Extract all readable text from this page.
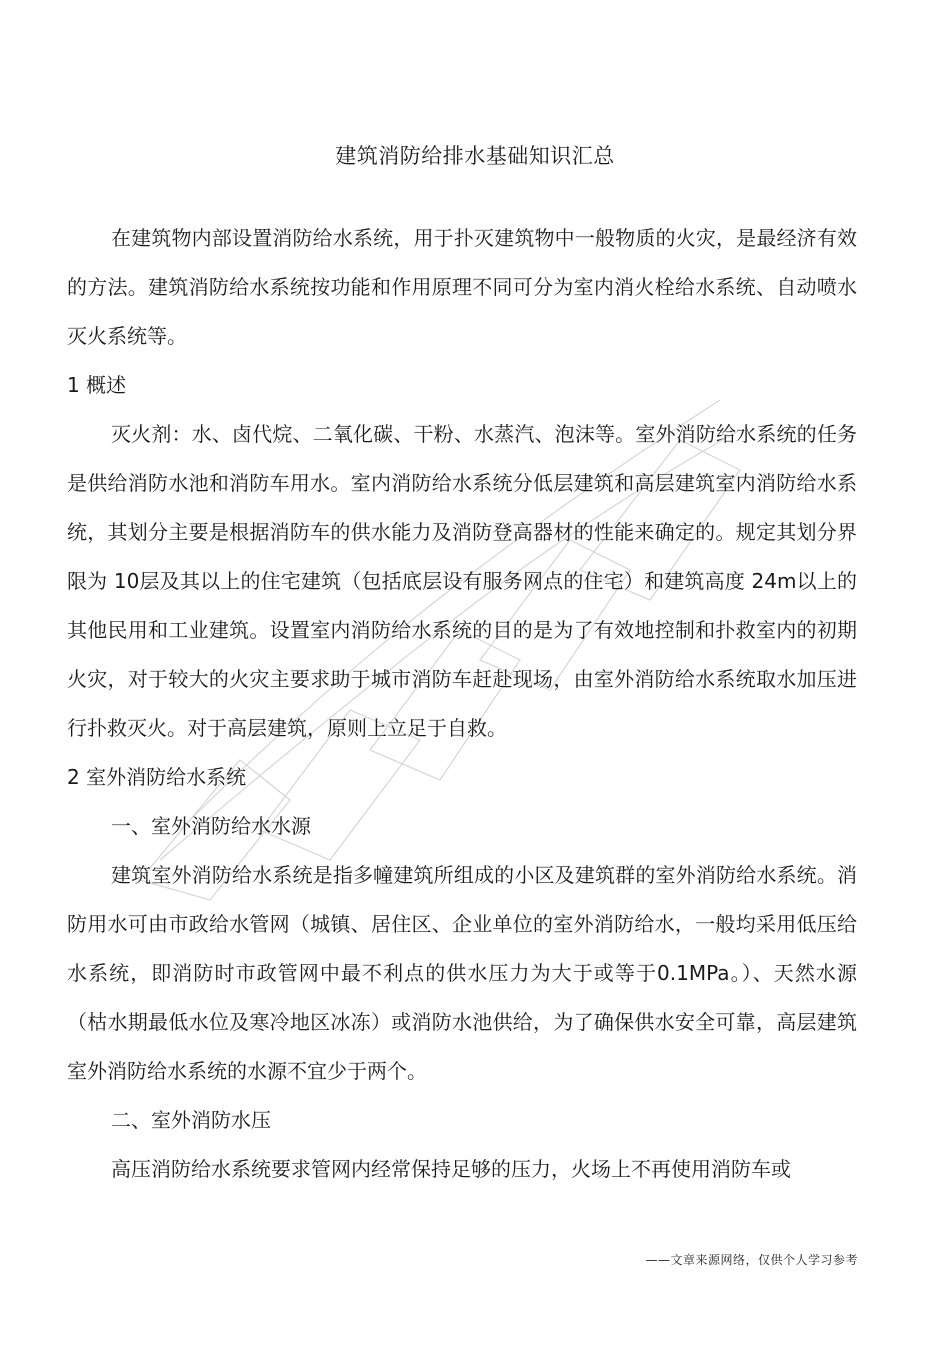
建筑消防给排水基础知识汇总

在建筑物内部设置消防给水系统，用于扑灭建筑物中一般物质的火灾，是最经济有效的方法。建筑消防给水系统按功能和作用原理不同可分为室内消火栓给水系统、自动喷水灭火系统等。

1 概述

灭火剂：水、卤代烷、二氧化碳、干粉、水蒸汽、泡沫等。室外消防给水系统的任务是供给消防水池和消防车用水。室内消防给水系统分低层建筑和高层建筑室内消防给水系统，其划分主要是根据消防车的供水能力及消防登高器材的性能来确定的。规定其划分界限为 10层及其以上的住宅建筑（包括底层设有服务网点的住宅）和建筑高度 24m以上的其他民用和工业建筑。设置室内消防给水系统的目的是为了有效地控制和扑救室内的初期火灾，对于较大的火灾主要求助于城市消防车赶赴现场，由室外消防给水系统取水加压进行扑救灭火。对于高层建筑，原则上立足于自救。

2 室外消防给水系统

一、室外消防给水水源

建筑室外消防给水系统是指多幢建筑所组成的小区及建筑群的室外消防给水系统。消防用水可由市政给水管网（城镇、居住区、企业单位的室外消防给水，一般均采用低压给水系统，即消防时市政管网中最不利点的供水压力为大于或等于0.1MPa。）、天然水源（枯水期最低水位及寒冷地区冰冻）或消防水池供给，为了确保供水安全可靠，高层建筑室外消防给水系统的水源不宜少于两个。

二、室外消防水压

高压消防给水系统要求管网内经常保持足够的压力，火场上不再使用消防车或

——文章来源网络，仅供个人学习参考
